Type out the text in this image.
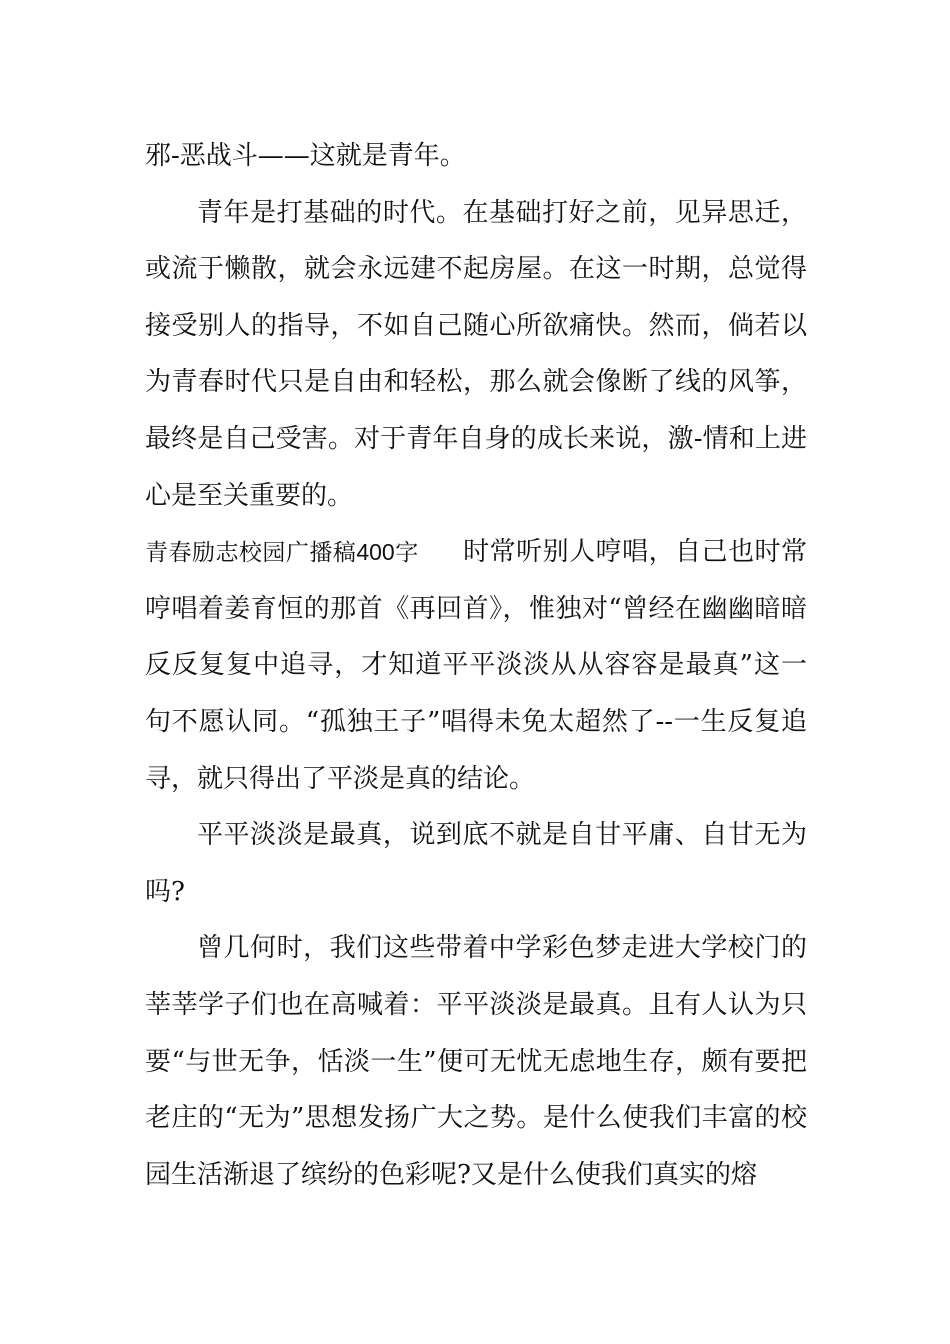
邪-恶战斗——这就是青年。

青年是打基础的时代。在基础打好之前，见异思迁，或流于懒散，就会永远建不起房屋。在这一时期，总觉得接受别人的指导，不如自己随心所欲痛快。然而，倘若以为青春时代只是自由和轻松，那么就会像断了线的风筝，最终是自己受害。对于青年自身的成长来说，激-情和上进心是至关重要的。

青春励志校园广播稿400字 时常听别人哼唱，自己也时常哼唱着姜育恒的那首《再回首》，惟独对“曾经在幽幽暗暗反反复复中追寻，才知道平平淡淡从从容容是最真”这一句不愿认同。“孤独王子”唱得未免太超然了--一生反复追寻，就只得出了平淡是真的结论。

平平淡淡是最真，说到底不就是自甘平庸、自甘无为吗?

曾几何时，我们这些带着中学彩色梦走进大学校门的莘莘学子们也在高喊着：平平淡淡是最真。且有人认为只要“与世无争，恬淡一生”便可无忧无虑地生存，颇有要把老庄的“无为”思想发扬广大之势。是什么使我们丰富的校园生活渐退了缤纷的色彩呢?又是什么使我们真实的熔
